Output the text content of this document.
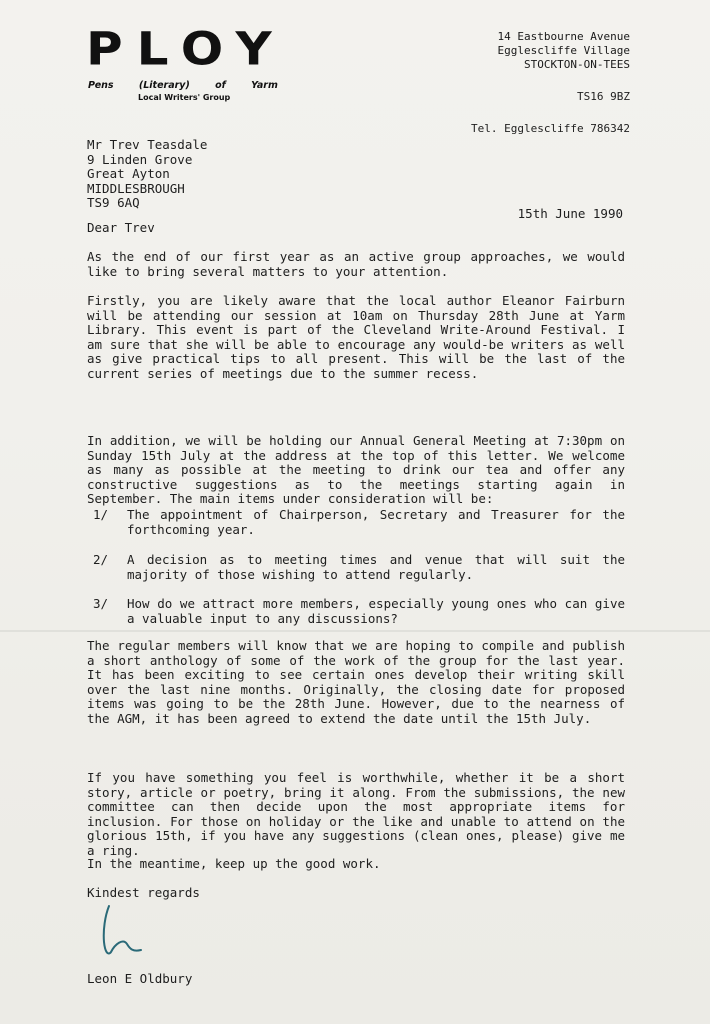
PLOY
Pens (Literary) of Yarm
Local Writers' Group
14 Eastbourne Avenue
Egglescliffe Village
STOCKTON-ON-TEES
TS16 9BZ
Tel. Egglescliffe 786342
Mr Trev Teasdale
9 Linden Grove
Great Ayton
MIDDLESBROUGH
TS9 6AQ
15th June 1990
Dear Trev
As the end of our first year as an active group approaches, we would like to bring several matters to your attention.
Firstly, you are likely aware that the local author Eleanor Fairburn will be attending our session at 10am on Thursday 28th June at Yarm Library. This event is part of the Cleveland Write-Around Festival. I am sure that she will be able to encourage any would-be writers as well as give practical tips to all present. This will be the last of the current series of meetings due to the summer recess.
In addition, we will be holding our Annual General Meeting at 7:30pm on Sunday 15th July at the address at the top of this letter. We welcome as many as possible at the meeting to drink our tea and offer any constructive suggestions as to the meetings starting again in September. The main items under consideration will be:
1/ The appointment of Chairperson, Secretary and Treasurer for the forthcoming year.
2/ A decision as to meeting times and venue that will suit the majority of those wishing to attend regularly.
3/ How do we attract more members, especially young ones who can give a valuable input to any discussions?
The regular members will know that we are hoping to compile and publish a short anthology of some of the work of the group for the last year. It has been exciting to see certain ones develop their writing skill over the last nine months. Originally, the closing date for proposed items was going to be the 28th June. However, due to the nearness of the AGM, it has been agreed to extend the date until the 15th July.
If you have something you feel is worthwhile, whether it be a short story, article or poetry, bring it along. From the submissions, the new committee can then decide upon the most appropriate items for inclusion. For those on holiday or the like and unable to attend on the glorious 15th, if you have any suggestions (clean ones, please) give me a ring.
In the meantime, keep up the good work.
Kindest regards
Leon E Oldbury
